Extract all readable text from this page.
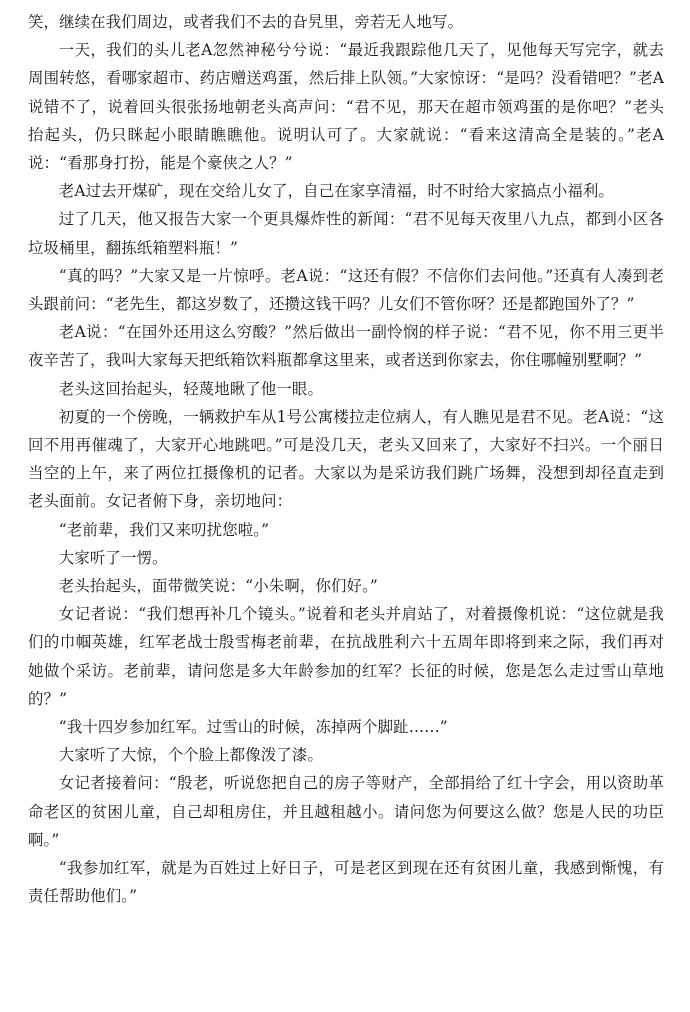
笑，继续在我们周边，或者我们不去的旮旯里，旁若无人地写。

一天，我们的头儿老A忽然神秘兮兮说：“最近我跟踪他几天了，见他每天写完字，就去周围转悠，看哪家超市、药店赠送鸡蛋，然后排上队领。”大家惊讶：“是吗？没看错吧？”老A说错不了，说着回头很张扬地朝老头高声问：“君不见，那天在超市领鸡蛋的是你吧？”老头抬起头，仍只眯起小眼睛瞧瞧他。说明认可了。大家就说：“看来这清高全是装的。”老A说：“看那身打扮，能是个豪侠之人？”

老A过去开煤矿，现在交给儿女了，自己在家享清福，时不时给大家搞点小福利。

过了几天，他又报告大家一个更具爆炸性的新闻：“君不见每天夜里八九点，都到小区各垃圾桶里，翻拣纸箱塑料瓶！”

“真的吗？”大家又是一片惊呼。老A说：“这还有假？不信你们去问他。”还真有人凑到老头跟前问：“老先生，都这岁数了，还攒这钱干吗？儿女们不管你呀？还是都跑国外了？”

老A说：“在国外还用这么穷酸？”然后做出一副怜悯的样子说：“君不见，你不用三更半夜辛苦了，我叫大家每天把纸箱饮料瓶都拿这里来，或者送到你家去，你住哪幢别墅啊？”

老头这回抬起头，轻蔑地瞅了他一眼。

初夏的一个傍晚，一辆救护车从1号公寓楼拉走位病人，有人瞧见是君不见。老A说：“这回不用再催魂了，大家开心地跳吧。”可是没几天，老头又回来了，大家好不扫兴。一个丽日当空的上午，来了两位扛摄像机的记者。大家以为是采访我们跳广场舞，没想到却径直走到老头面前。女记者俯下身，亲切地问：

“老前辈，我们又来叨扰您啦。”

大家听了一愣。

老头抬起头，面带微笑说：“小朱啊，你们好。”

女记者说：“我们想再补几个镜头。”说着和老头并肩站了，对着摄像机说：“这位就是我们的巾帼英雄，红军老战士殷雪梅老前辈，在抗战胜利六十五周年即将到来之际，我们再对她做个采访。老前辈，请问您是多大年龄参加的红军？长征的时候，您是怎么走过雪山草地的？”

“我十四岁参加红军。过雪山的时候，冻掉两个脚趾……”

大家听了大惊，个个脸上都像泼了漆。

女记者接着问：“殷老，听说您把自己的房子等财产，全部捐给了红十字会，用以资助革命老区的贫困儿童，自己却租房住，并且越租越小。请问您为何要这么做？您是人民的功臣啊。”

“我参加红军，就是为百姓过上好日子，可是老区到现在还有贫困儿童，我感到惭愧，有责任帮助他们。”
